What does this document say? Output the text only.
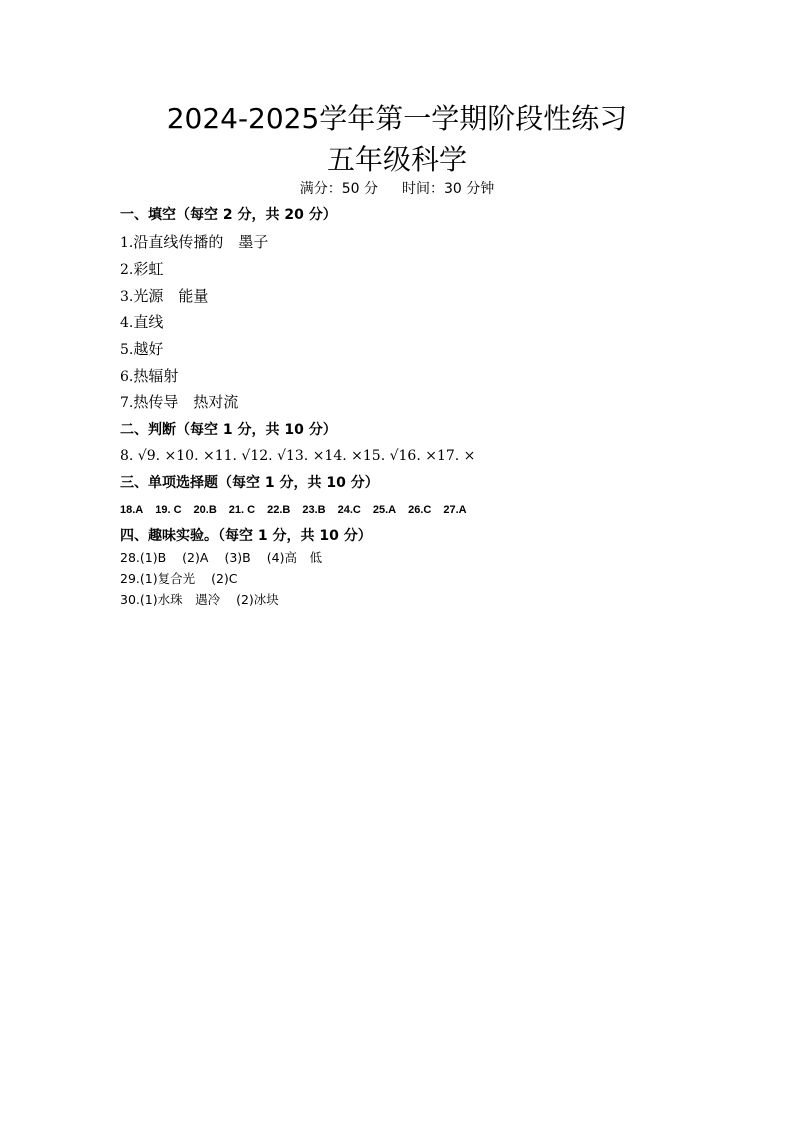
2024-2025学年第一学期阶段性练习
五年级科学
满分：50 分 时间：30 分钟
一、填空（每空 2 分，共 20 分）
1.沿直线传播的　墨子
2.彩虹
3.光源　能量
4.直线
5.越好
6.热辐射
7.热传导　热对流
二、判断（每空 1 分，共 10 分）
8. √9. ×10. ×11. √12. √13. ×14. ×15. √16. ×17. ×
三、单项选择题（每空 1 分，共 10 分）
18.A 19. C 20.B 21. C 22.B 23.B 24.C 25.A 26.C 27.A
四、趣味实验。（每空 1 分，共 10 分）
28.(1)B (2)A (3)B (4)高　低
29.(1)复合光 (2)C
30.(1)水珠　遇冷 (2)冰块
